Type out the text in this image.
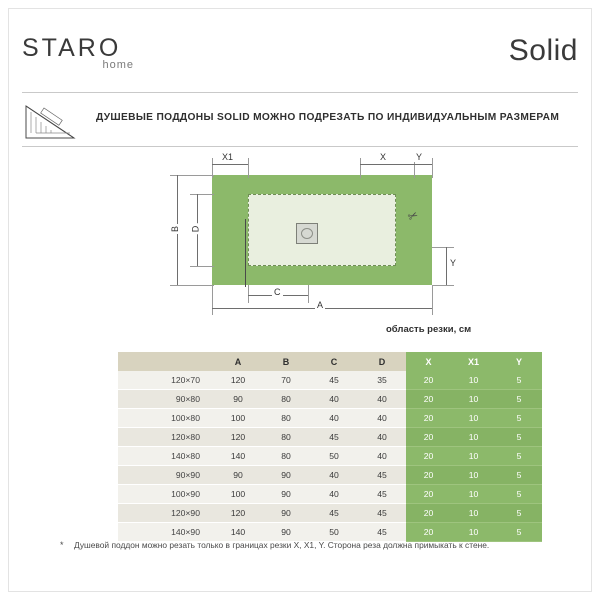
STARO
home	Solid
ДУШЕВЫЕ ПОДДОНЫ SOLID МОЖНО ПОДРЕЗАТЬ ПО ИНДИВИДУАЛЬНЫМ РАЗМЕРАМ
✂
X1	X	Y
Y
B D
C
A
область резки, см
	A	B	C	D	X	X1	Y
120×70	120	70	45	35	20	10	5
90×80	90	80	40	40	20	10	5
100×80	100	80	40	40	20	10	5
120×80	120	80	45	40	20	10	5
140×80	140	80	50	40	20	10	5
90×90	90	90	40	45	20	10	5
100×90	100	90	40	45	20	10	5
120×90	120	90	45	45	20	10	5
140×90	140	90	50	45	20	10	5
* Душевой поддон можно резать только в границах резки X, X1, Y. Сторона реза должна примыкать к стене.
